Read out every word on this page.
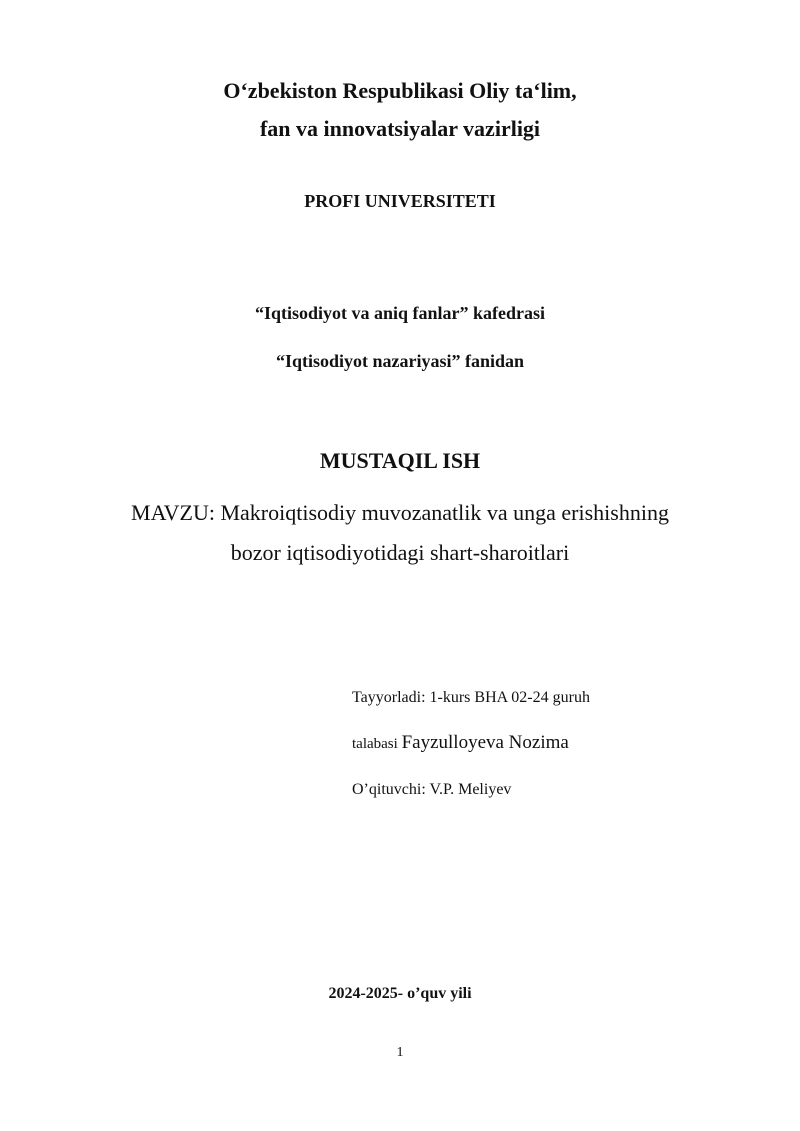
O‘zbekiston Respublikasi Oliy ta‘lim,
fan va innovatsiyalar vazirligi
PROFI UNIVERSITETI
“Iqtisodiyot va aniq fanlar” kafedrasi
“Iqtisodiyot nazariyasi” fanidan
MUSTAQIL ISH
MAVZU: Makroiqtisodiy muvozanatlik va unga erishishning
bozor iqtisodiyotidagi shart-sharoitlari
Tayyorladi: 1-kurs BHA 02-24 guruh
talabasi Fayzulloyeva Nozima
O’qituvchi: V.P. Meliyev
2024-2025- o’quv yili
1
